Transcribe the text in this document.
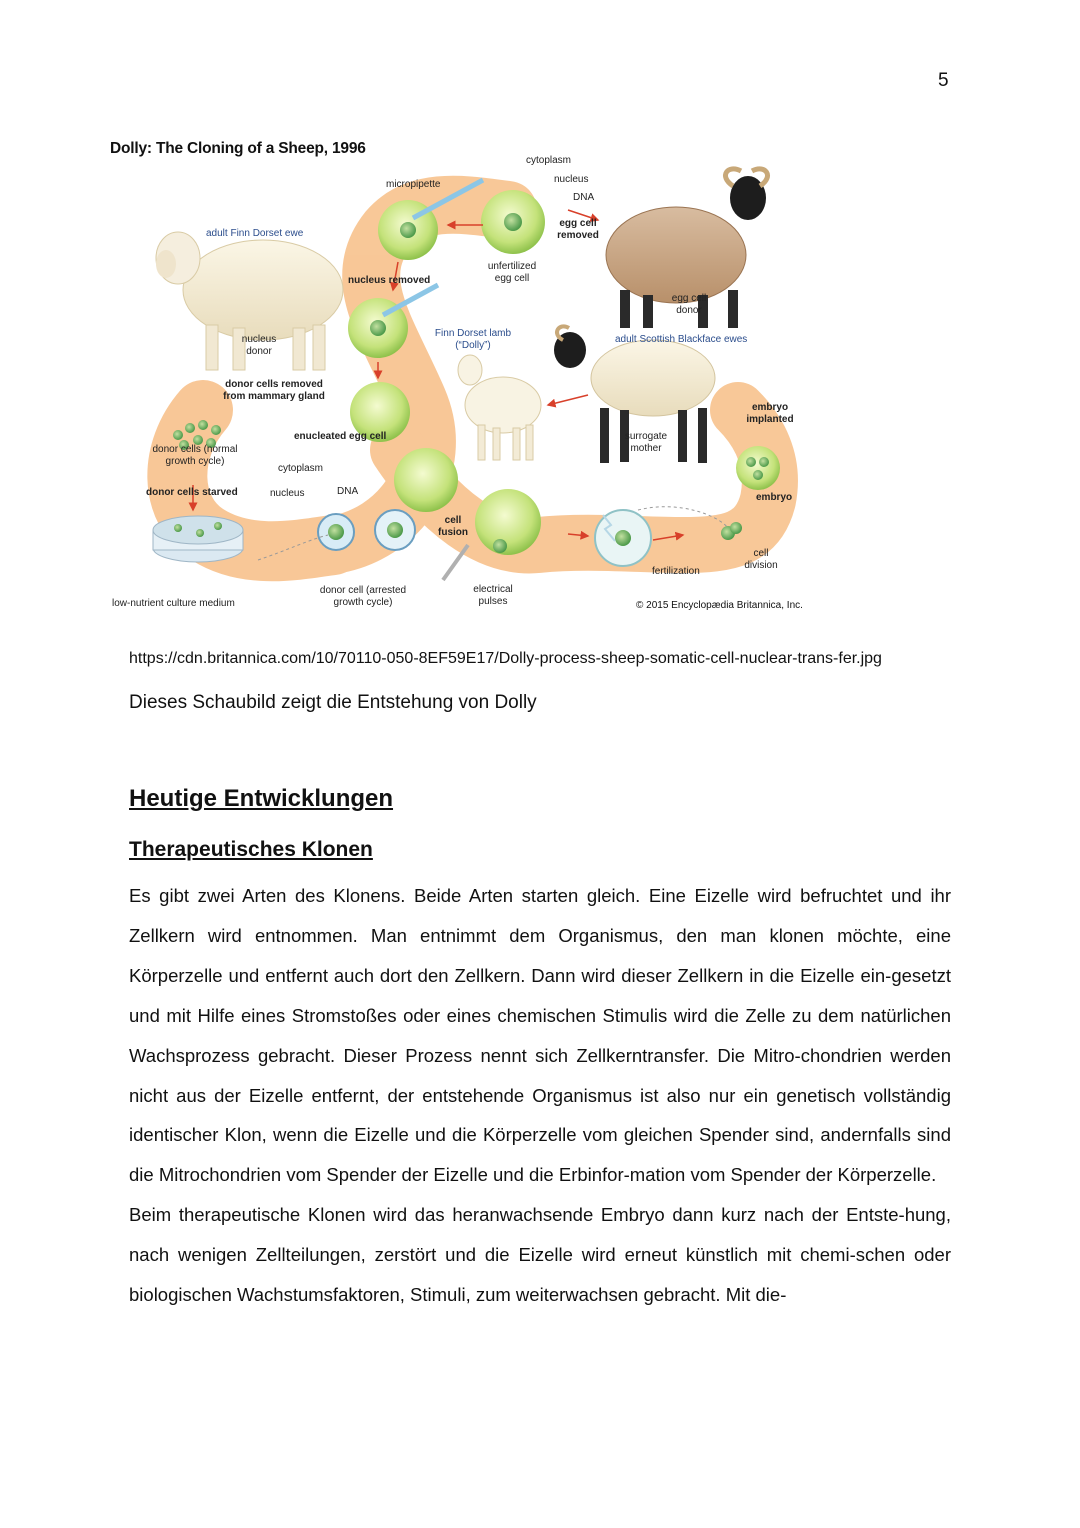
5
Dolly: The Cloning of a Sheep, 1996
adult Finn Dorset ewe
nucleus donor
donor cells removed from mammary gland
donor cells (normal growth cycle)
donor cells starved
low-nutrient culture medium
micropipette
nucleus removed
enucleated egg cell
cytoplasm
nucleus	DNA
donor cell (arrested growth cycle)
cytoplasm
nucleus
DNA
egg cell removed
unfertilized egg cell
Finn Dorset lamb (“Dolly”)
egg cell donor
adult Scottish Blackface ewes
surrogate mother
embryo implanted
embryo
cell fusion
electrical pulses
fertilization
cell division
© 2015 Encyclopædia Britannica, Inc.
https://cdn.britannica.com/10/70110-050-8EF59E17/Dolly-process-sheep-somatic-cell-nuclear-trans-fer.jpg
Dieses Schaubild zeigt die Entstehung von Dolly
Heutige Entwicklungen
Therapeutisches Klonen

Es gibt zwei Arten des Klonens. Beide Arten starten gleich. Eine Eizelle wird befruchtet und ihr Zellkern wird entnommen. Man entnimmt dem Organismus, den man klonen möchte, eine Körperzelle und entfernt auch dort den Zellkern. Dann wird dieser Zellkern in die Eizelle ein-gesetzt und mit Hilfe eines Stromstoßes oder eines chemischen Stimulis wird die Zelle zu dem natürlichen Wachsprozess gebracht. Dieser Prozess nennt sich Zellkerntransfer. Die Mitro-chondrien werden nicht aus der Eizelle entfernt, der entstehende Organismus ist also nur ein genetisch vollständig identischer Klon, wenn die Eizelle und die Körperzelle vom gleichen Spender sind, andernfalls sind die Mitrochondrien vom Spender der Eizelle und die Erbinfor-mation vom Spender der Körperzelle.

Beim therapeutische Klonen wird das heranwachsende Embryo dann kurz nach der Entste-hung, nach wenigen Zellteilungen, zerstört und die Eizelle wird erneut künstlich mit chemi-schen oder biologischen Wachstumsfaktoren, Stimuli, zum weiterwachsen gebracht. Mit die-
